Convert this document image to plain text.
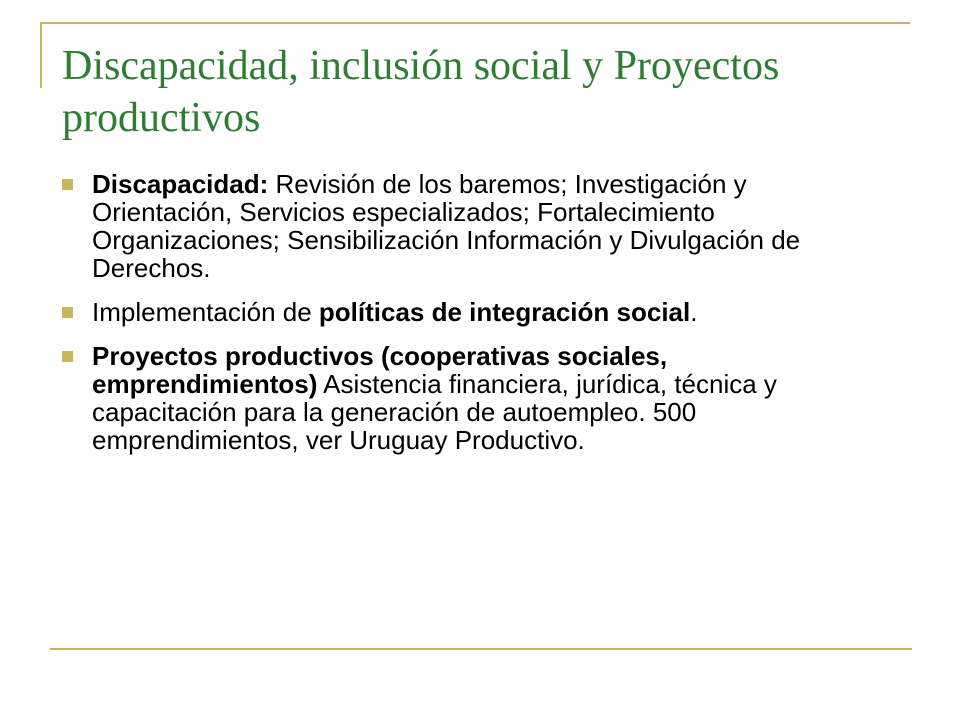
Discapacidad, inclusión social y Proyectos productivos
Discapacidad: Revisión de los baremos; Investigación y Orientación, Servicios especializados; Fortalecimiento Organizaciones; Sensibilización Información y Divulgación de Derechos.
Implementación de políticas de integración social.
Proyectos productivos (cooperativas sociales, emprendimientos) Asistencia financiera, jurídica, técnica y capacitación para la generación de autoempleo. 500 emprendimientos, ver Uruguay Productivo.
